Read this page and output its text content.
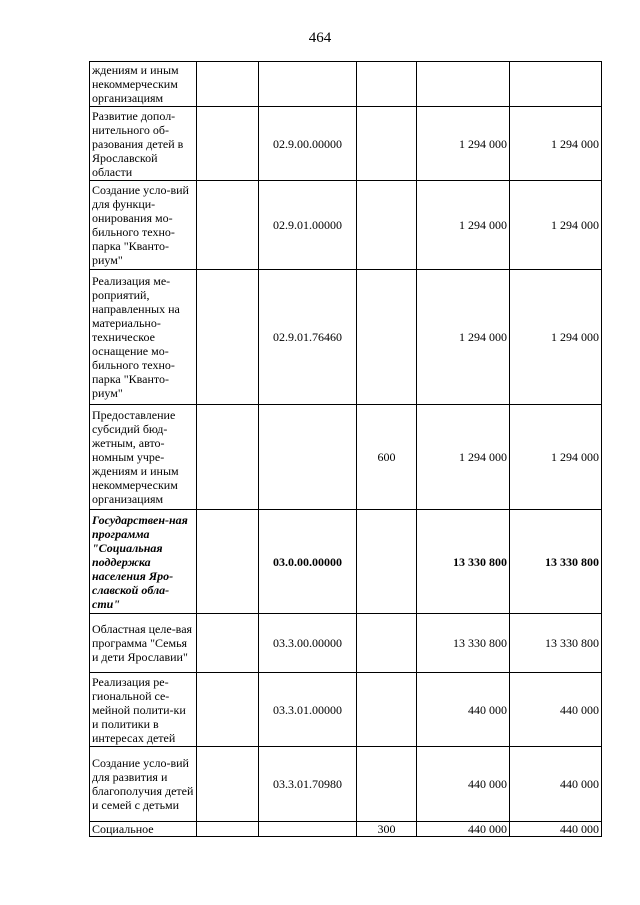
464
ждениям и иным некоммерческим организациям					
Развитие допол-нительного об-разования детей в Ярославской области		02.9.00.00000		1 294 000	1 294 000
Создание усло-вий для функци-онирования мо-бильного техно-парка "Кванто-риум"		02.9.01.00000		1 294 000	1 294 000
Реализация ме-роприятий, направленных на материально-техническое оснащение мо-бильного техно-парка "Кванто-риум"		02.9.01.76460		1 294 000	1 294 000
Предоставление субсидий бюд-жетным, авто-номным учре-ждениям и иным некоммерческим организациям			600	1 294 000	1 294 000
Государствен-ная программа "Социальная поддержка населения Яро-славской обла-сти"		03.0.00.00000		13 330 800	13 330 800
Областная целе-вая программа "Семья и дети Ярославии"		03.3.00.00000		13 330 800	13 330 800
Реализация ре-гиональной се-мейной полити-ки и политики в интересах детей		03.3.01.00000		440 000	440 000
Создание усло-вий для развития и благополучия детей и семей с детьми		03.3.01.70980		440 000	440 000
Социальное			300	440 000	440 000
